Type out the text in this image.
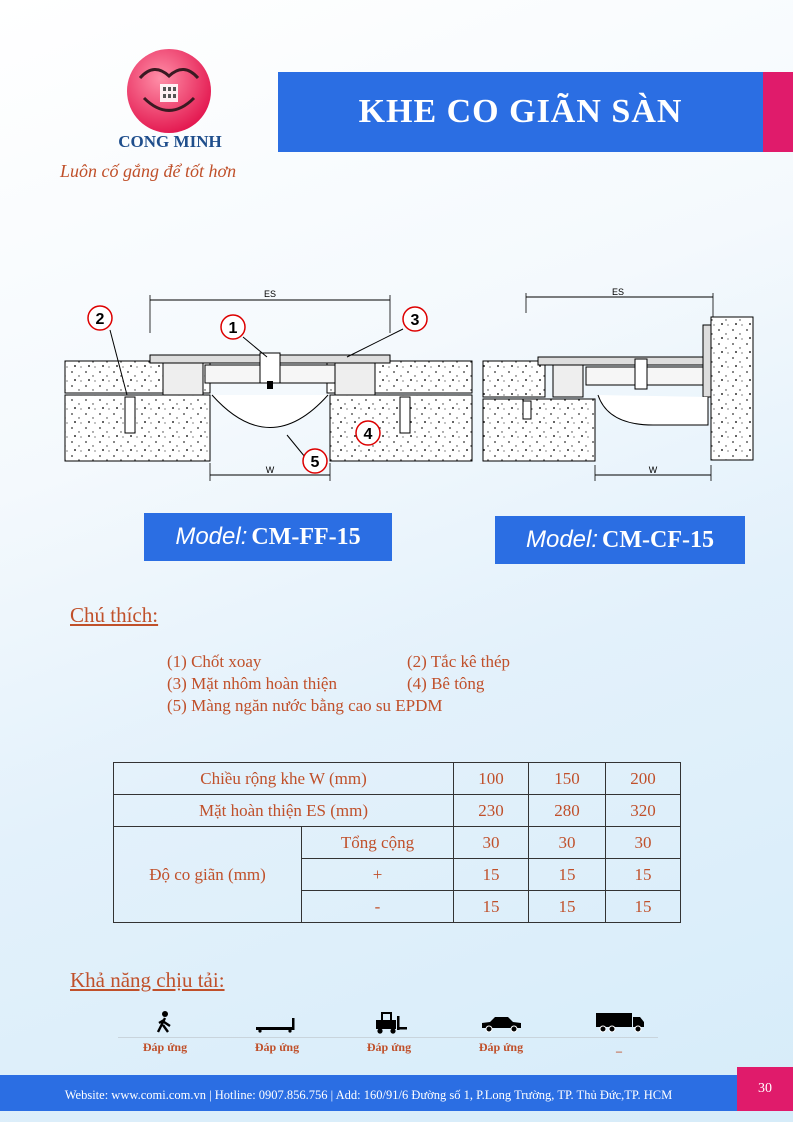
CONG MINH
Luôn cố gắng để tốt hơn
KHE CO GIÃN SÀN
ES
W
2
1	3
4
5
ES
W
Model: CM-FF-15	Model: CM-CF-15
Chú thích:
(1) Chốt xoay	(2) Tắc kê thép
(3) Mặt nhôm hoàn thiện	(4) Bê tông
(5) Màng ngăn nước bằng cao su EPDM
Chiều rộng khe W (mm)		100	150	200
Mặt hoàn thiện ES (mm)		230	280	320
Độ co giãn (mm)	Tổng cộng	30	30	30
	+	15	15	15
	-	15	15	15
Khả năng chịu tải:
Đáp ứng	Đáp ứng	Đáp ứng	Đáp ứng	_
Website: www.comi.com.vn | Hotline: 0907.856.756 | Add: 160/91/6 Đường số 1, P.Long Trường, TP. Thủ Đức,TP. HCM	30
